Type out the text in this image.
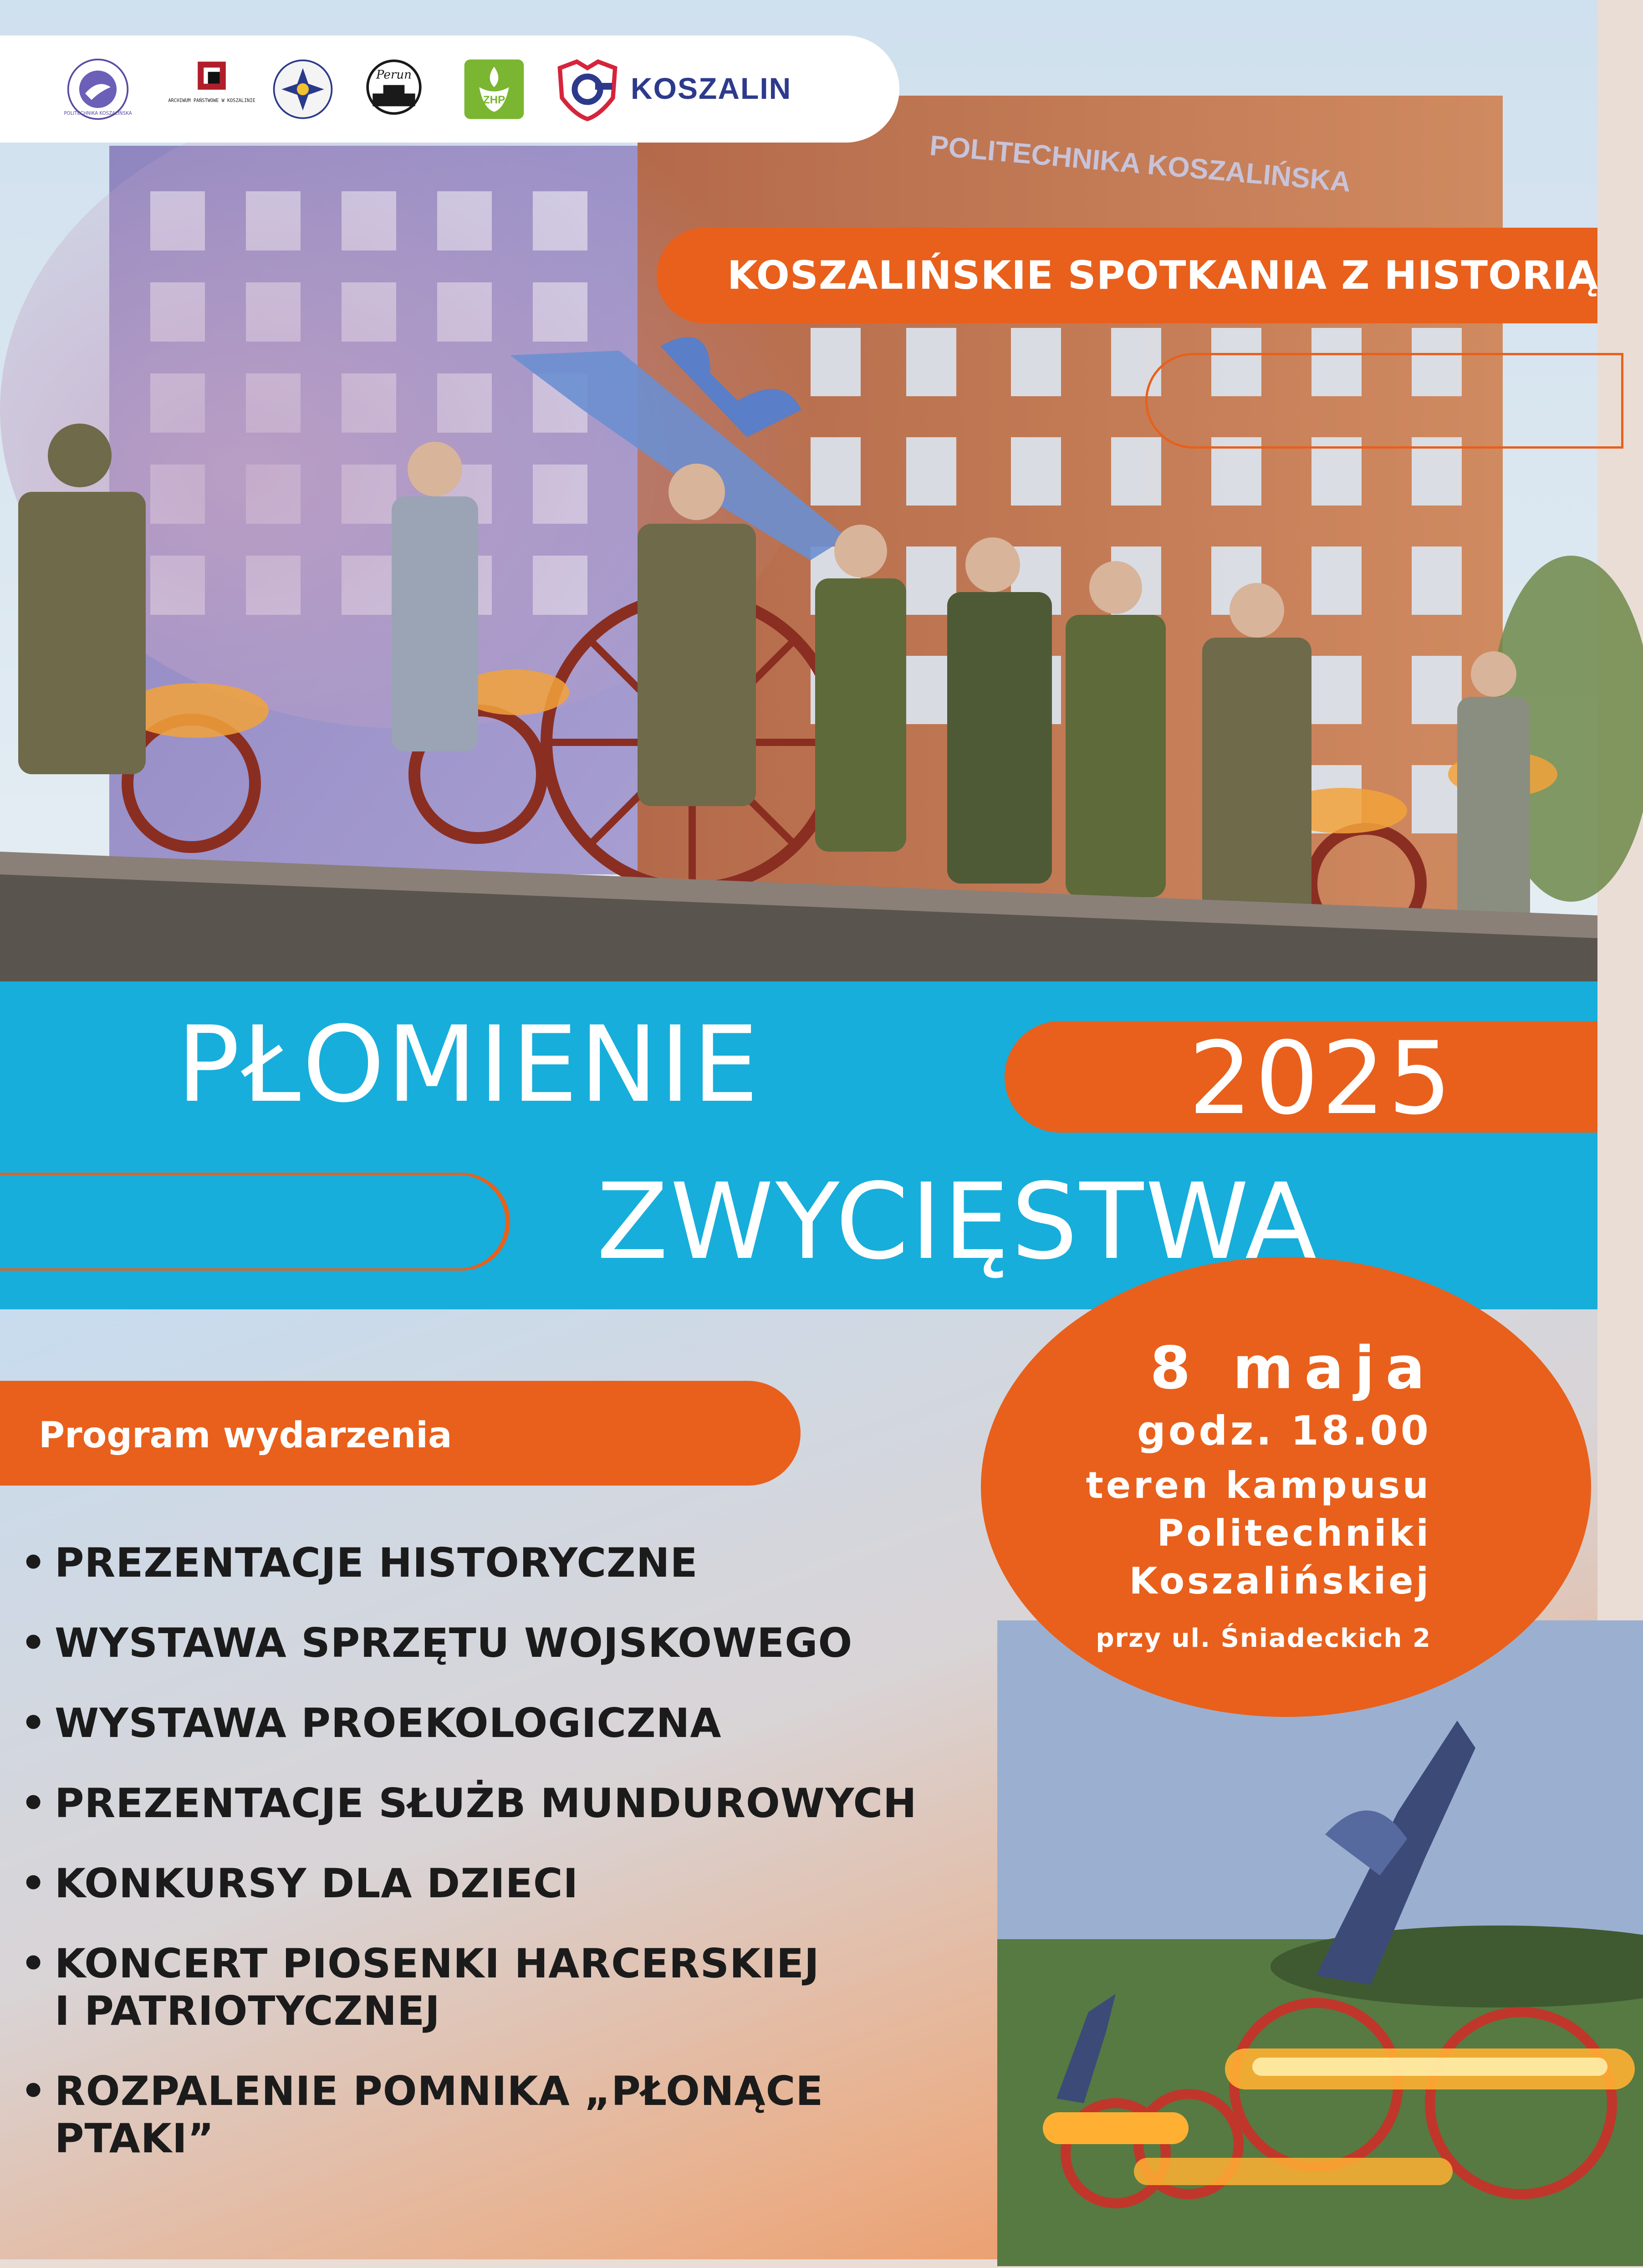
POLITECHNIKA KOSZALIŃSKA
POLITECHNIKA KOSZALIŃSKA
ARCHIWUM PAŃSTWOWE W KOSZALINIE
Perun
ZHP	KOSZALIN
KOSZALIŃSKIE SPOTKANIA Z HISTORIĄ
PŁOMIENIE	2025
ZWYCIĘSTWA
8 maja
godz. 18.00
teren kampusu
Politechniki
Koszalińskiej
przy ul. Śniadeckich 2
Program wydarzenia
• PREZENTACJE HISTORYCZNE
• WYSTAWA SPRZĘTU WOJSKOWEGO
• WYSTAWA PROEKOLOGICZNA
• PREZENTACJE SŁUŻB MUNDUROWYCH
• KONKURSY DLA DZIECI
• KONCERT PIOSENKI HARCERSKIEJ
I PATRIOTYCZNEJ
• ROZPALENIE POMNIKA „PŁONĄCE PTAKI”
